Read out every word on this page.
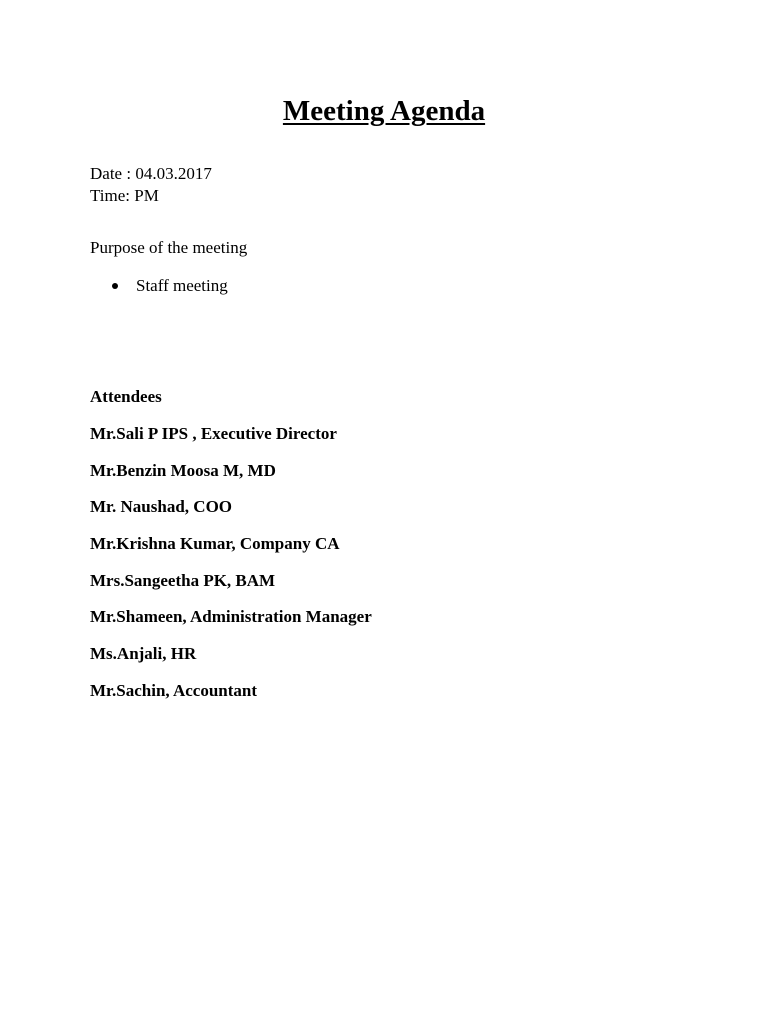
Meeting Agenda
Date : 04.03.2017
Time: PM
Purpose of the meeting
Staff meeting
Attendees
Mr.Sali P IPS , Executive Director
Mr.Benzin Moosa M, MD
Mr. Naushad, COO
Mr.Krishna Kumar, Company CA
Mrs.Sangeetha PK, BAM
Mr.Shameen, Administration Manager
Ms.Anjali, HR
Mr.Sachin, Accountant
